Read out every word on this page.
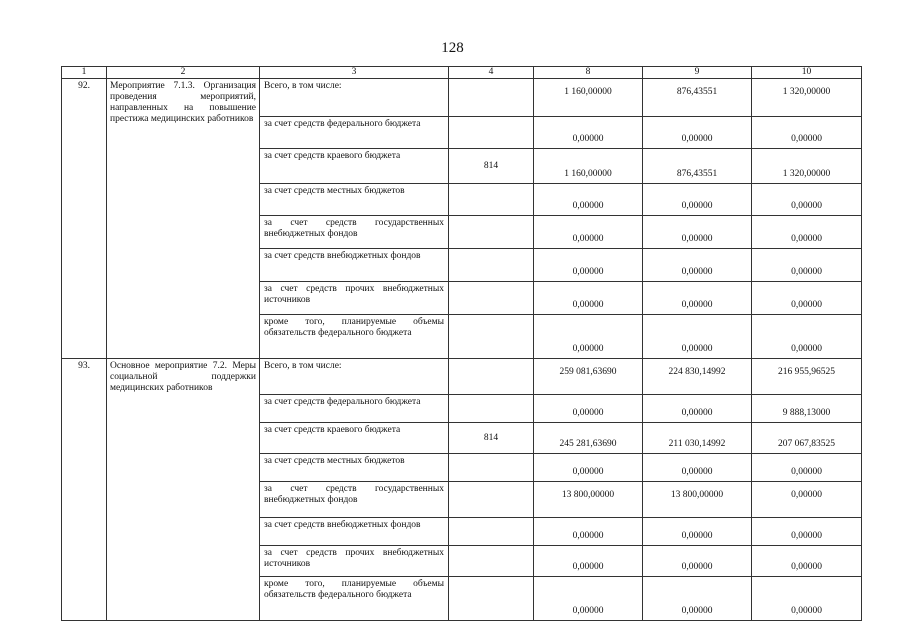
128
1	2	3	4	8	9	10
92.	Мероприятие 7.1.3. Организация проведения мероприятий, направленных на повышение престижа медицинских работников	Всего, в том числе:		1 160,00000	876,43551	1 320,00000
		за счет средств федерального бюджета		0,00000	0,00000	0,00000
		за счет средств краевого бюджета	814	1 160,00000	876,43551	1 320,00000
		за счет средств местных бюджетов		0,00000	0,00000	0,00000
		за счет средств государственных внебюджетных фондов		0,00000	0,00000	0,00000
		за счет средств внебюджетных фондов		0,00000	0,00000	0,00000
		за счет средств прочих внебюджетных источников		0,00000	0,00000	0,00000
		кроме того, планируемые объемы обязательств федерального бюджета		0,00000	0,00000	0,00000
93.	Основное мероприятие 7.2. Меры социальной поддержки медицинских работников	Всего, в том числе:		259 081,63690	224 830,14992	216 955,96525
		за счет средств федерального бюджета		0,00000	0,00000	9 888,13000
		за счет средств краевого бюджета	814	245 281,63690	211 030,14992	207 067,83525
		за счет средств местных бюджетов		0,00000	0,00000	0,00000
		за счет средств государственных внебюджетных фондов		13 800,00000	13 800,00000	0,00000
		за счет средств внебюджетных фондов		0,00000	0,00000	0,00000
		за счет средств прочих внебюджетных источников		0,00000	0,00000	0,00000
		кроме того, планируемые объемы обязательств федерального бюджета		0,00000	0,00000	0,00000
